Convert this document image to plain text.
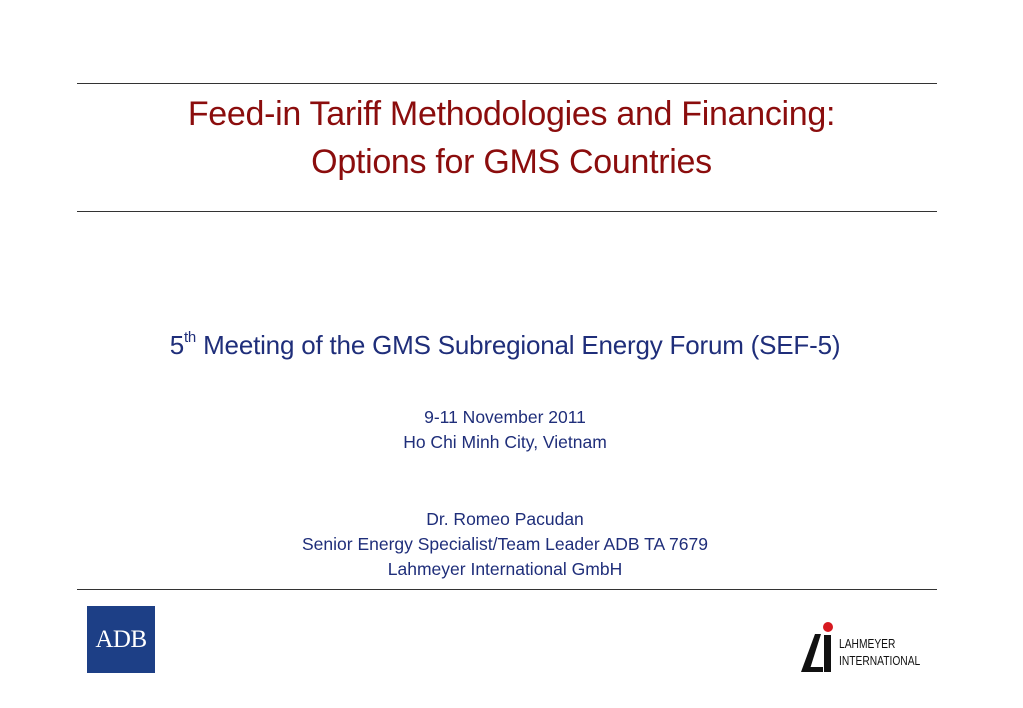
Feed-in Tariff Methodologies and Financing:
Options for GMS Countries
5th Meeting of the GMS Subregional Energy Forum (SEF-5)
9-11 November 2011
Ho Chi Minh City, Vietnam
Dr. Romeo Pacudan
Senior Energy Specialist/Team Leader ADB TA 7679
Lahmeyer International GmbH
ADB	LAHMEYER
INTERNATIONAL
